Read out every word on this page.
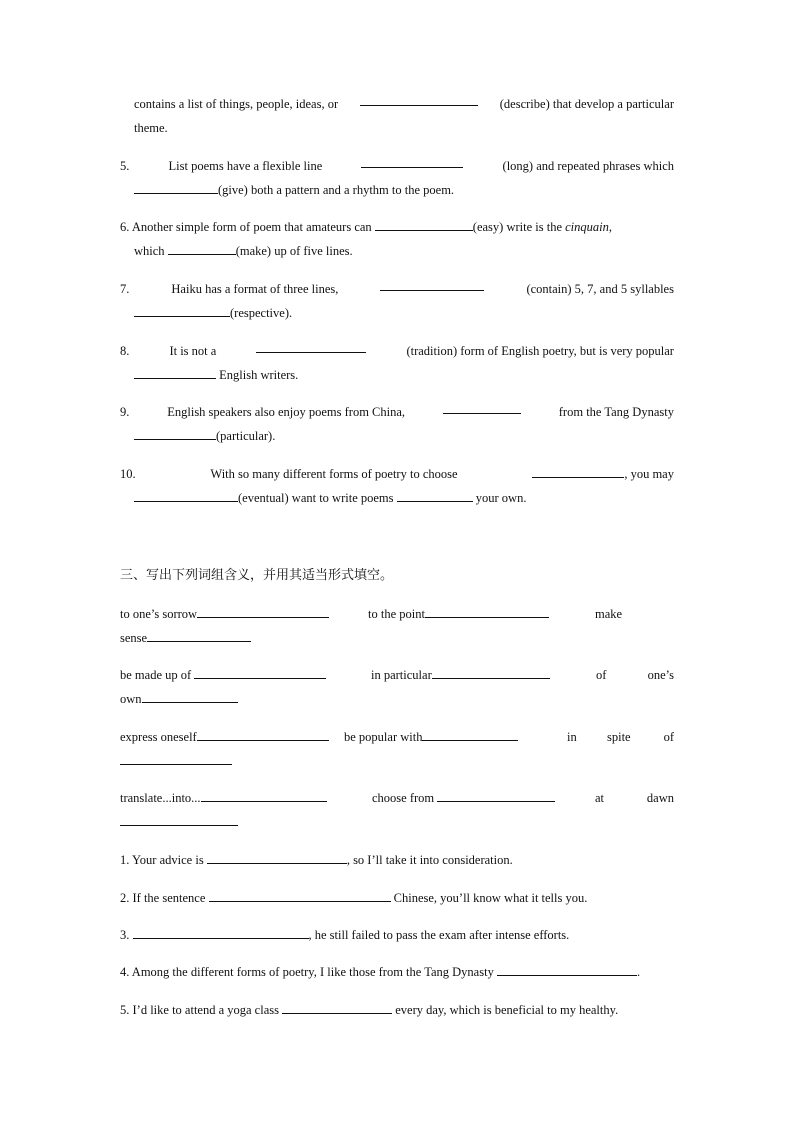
contains a list of things, people, ideas, or	(describe) that develop a particular
theme.
5.	List poems have a flexible line	(long) and repeated phrases which
(give) both a pattern and a rhythm to the poem.
6. Another simple form of poem that amateurs can	(easy) write is the cinquain,
which	(make) up of five lines.
7.	Haiku has a format of three lines,	(contain) 5, 7, and 5 syllables
(respective).
8.	It is not a	(tradition) form of English poetry, but is very popular
English writers.
9.	English speakers also enjoy poems from China,	from the Tang Dynasty
(particular).
10.	With so many different forms of poetry to choose	, you may
(eventual) want to write poems	your own.
三、写出下列词组含义，并用其适当形式填空。
to one’s sorrow	to the point	make
sense
be made up of	in particular	of	one’s
own
express oneself	be popular with	in spite	of
translate...into...	choose from	at	dawn
1. Your advice is	, so I’ll take it into consideration.
2. If the sentence	Chinese, you’ll know what it tells you.
3.	, he still failed to pass the exam after intense efforts.
4. Among the different forms of poetry, I like those from the Tang Dynasty	.
5. I’d like to attend a yoga class	every day, which is beneficial to my healthy.
